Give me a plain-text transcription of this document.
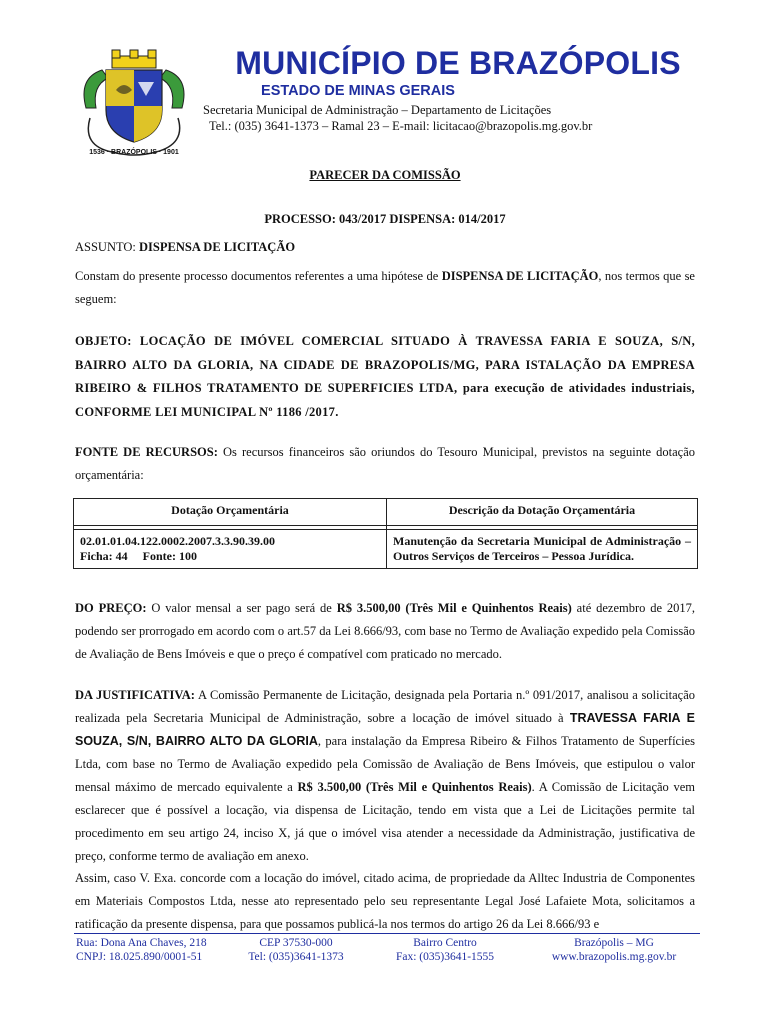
1536 · BRAZÓPOLIS · 1901
MUNICÍPIO DE BRAZÓPOLIS
ESTADO DE MINAS GERAIS
Secretaria Municipal de Administração – Departamento de Licitações
Tel.: (035) 3641-1373 – Ramal 23 – E-mail: licitacao@brazopolis.mg.gov.br
PARECER DA COMISSÃO
PROCESSO: 043/2017 DISPENSA: 014/2017
ASSUNTO: DISPENSA DE LICITAÇÃO
Constam do presente processo documentos referentes a uma hipótese de DISPENSA DE LICITAÇÃO, nos termos que se seguem:
OBJETO: LOCAÇÃO DE IMÓVEL COMERCIAL SITUADO À TRAVESSA FARIA E SOUZA, S/N, BAIRRO ALTO DA GLORIA, NA CIDADE DE BRAZOPOLIS/MG, PARA ISTALAÇÃO DA EMPRESA RIBEIRO & FILHOS TRATAMENTO DE SUPERFICIES LTDA, para execução de atividades industriais, CONFORME LEI MUNICIPAL Nº 1186 /2017.
FONTE DE RECURSOS: Os recursos financeiros são oriundos do Tesouro Municipal, previstos na seguinte dotação orçamentária:
Dotação Orçamentária	Descrição da Dotação Orçamentária

02.01.01.04.122.0002.2007.3.3.90.39.00
Ficha: 44 Fonte: 100	Manutenção da Secretaria Municipal de Administração – Outros Serviços de Terceiros – Pessoa Jurídica.
DO PREÇO: O valor mensal a ser pago será de R$ 3.500,00 (Três Mil e Quinhentos Reais) até dezembro de 2017, podendo ser prorrogado em acordo com o art.57 da Lei 8.666/93, com base no Termo de Avaliação expedido pela Comissão de Avaliação de Bens Imóveis e que o preço é compatível com praticado no mercado.
DA JUSTIFICATIVA: A Comissão Permanente de Licitação, designada pela Portaria n.º 091/2017, analisou a solicitação realizada pela Secretaria Municipal de Administração, sobre a locação de imóvel situado à TRAVESSA FARIA E SOUZA, S/N, BAIRRO ALTO DA GLORIA, para instalação da Empresa Ribeiro & Filhos Tratamento de Superfícies Ltda, com base no Termo de Avaliação expedido pela Comissão de Avaliação de Bens Imóveis, que estipulou o valor mensal máximo de mercado equivalente a R$ 3.500,00 (Três Mil e Quinhentos Reais). A Comissão de Licitação vem esclarecer que é possível a locação, via dispensa de Licitação, tendo em vista que a Lei de Licitações permite tal procedimento em seu artigo 24, inciso X, já que o imóvel visa atender a necessidade da Administração, justificativa de preço, conforme termo de avaliação em anexo.
Assim, caso V. Exa. concorde com a locação do imóvel, citado acima, de propriedade da Alltec Industria de Componentes em Materiais Compostos Ltda, nesse ato representado pelo seu representante Legal José Lafaiete Mota, solicitamos a ratificação da presente dispensa, para que possamos publicá-la nos termos do artigo 26 da Lei 8.666/93 e
Rua: Dona Ana Chaves, 218
CNPJ: 18.025.890/0001-51
CEP 37530-000
Tel: (035)3641-1373
Bairro Centro
Fax: (035)3641-1555
Brazópolis – MG
www.brazopolis.mg.gov.br
